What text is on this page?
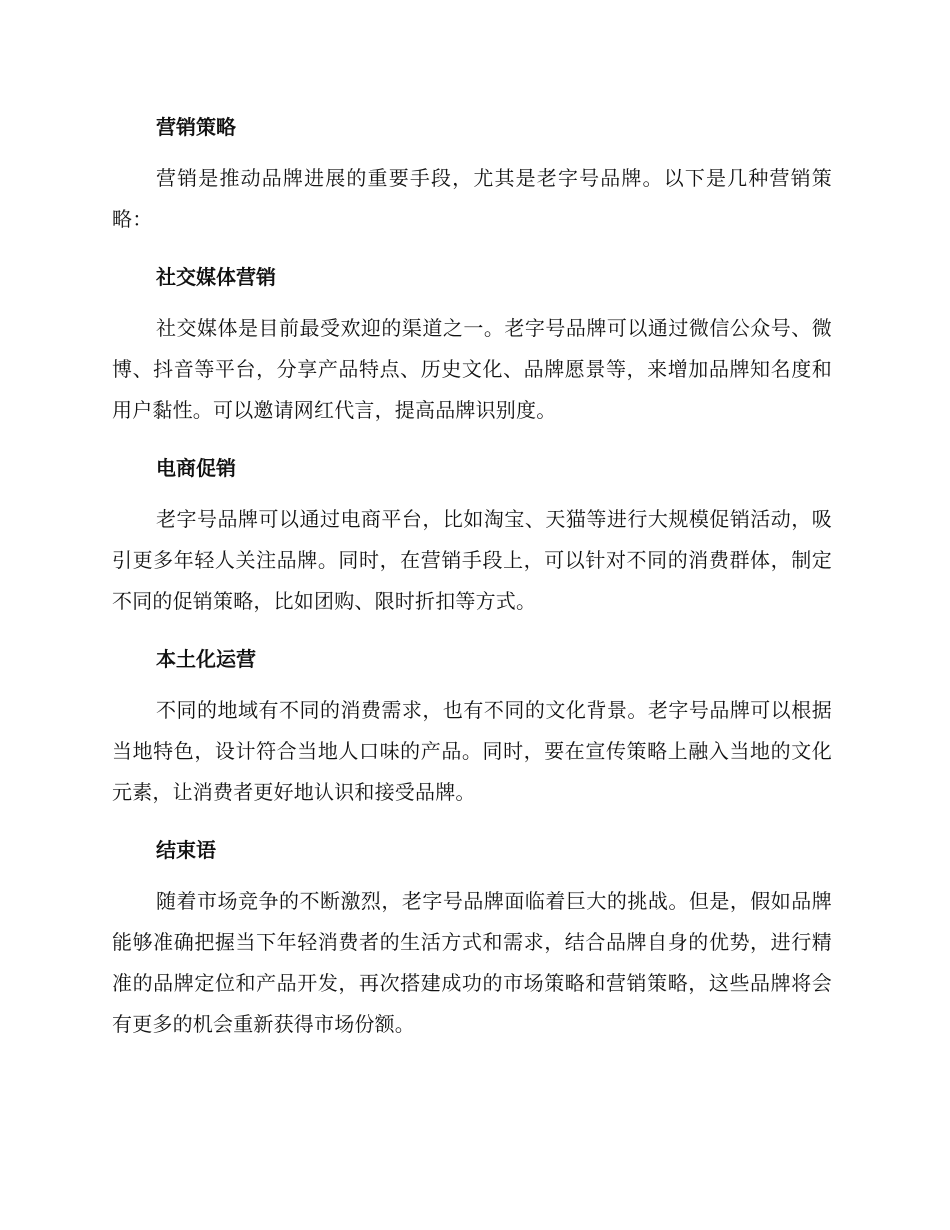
营销策略
营销是推动品牌进展的重要手段，尤其是老字号品牌。以下是几种营销策略：
社交媒体营销
社交媒体是目前最受欢迎的渠道之一。老字号品牌可以通过微信公众号、微博、抖音等平台，分享产品特点、历史文化、品牌愿景等，来增加品牌知名度和用户黏性。可以邀请网红代言，提高品牌识别度。
电商促销
老字号品牌可以通过电商平台，比如淘宝、天猫等进行大规模促销活动，吸引更多年轻人关注品牌。同时，在营销手段上，可以针对不同的消费群体，制定不同的促销策略，比如团购、限时折扣等方式。
本土化运营
不同的地域有不同的消费需求，也有不同的文化背景。老字号品牌可以根据当地特色，设计符合当地人口味的产品。同时，要在宣传策略上融入当地的文化元素，让消费者更好地认识和接受品牌。
结束语
随着市场竞争的不断激烈，老字号品牌面临着巨大的挑战。但是，假如品牌能够准确把握当下年轻消费者的生活方式和需求，结合品牌自身的优势，进行精准的品牌定位和产品开发，再次搭建成功的市场策略和营销策略，这些品牌将会有更多的机会重新获得市场份额。
